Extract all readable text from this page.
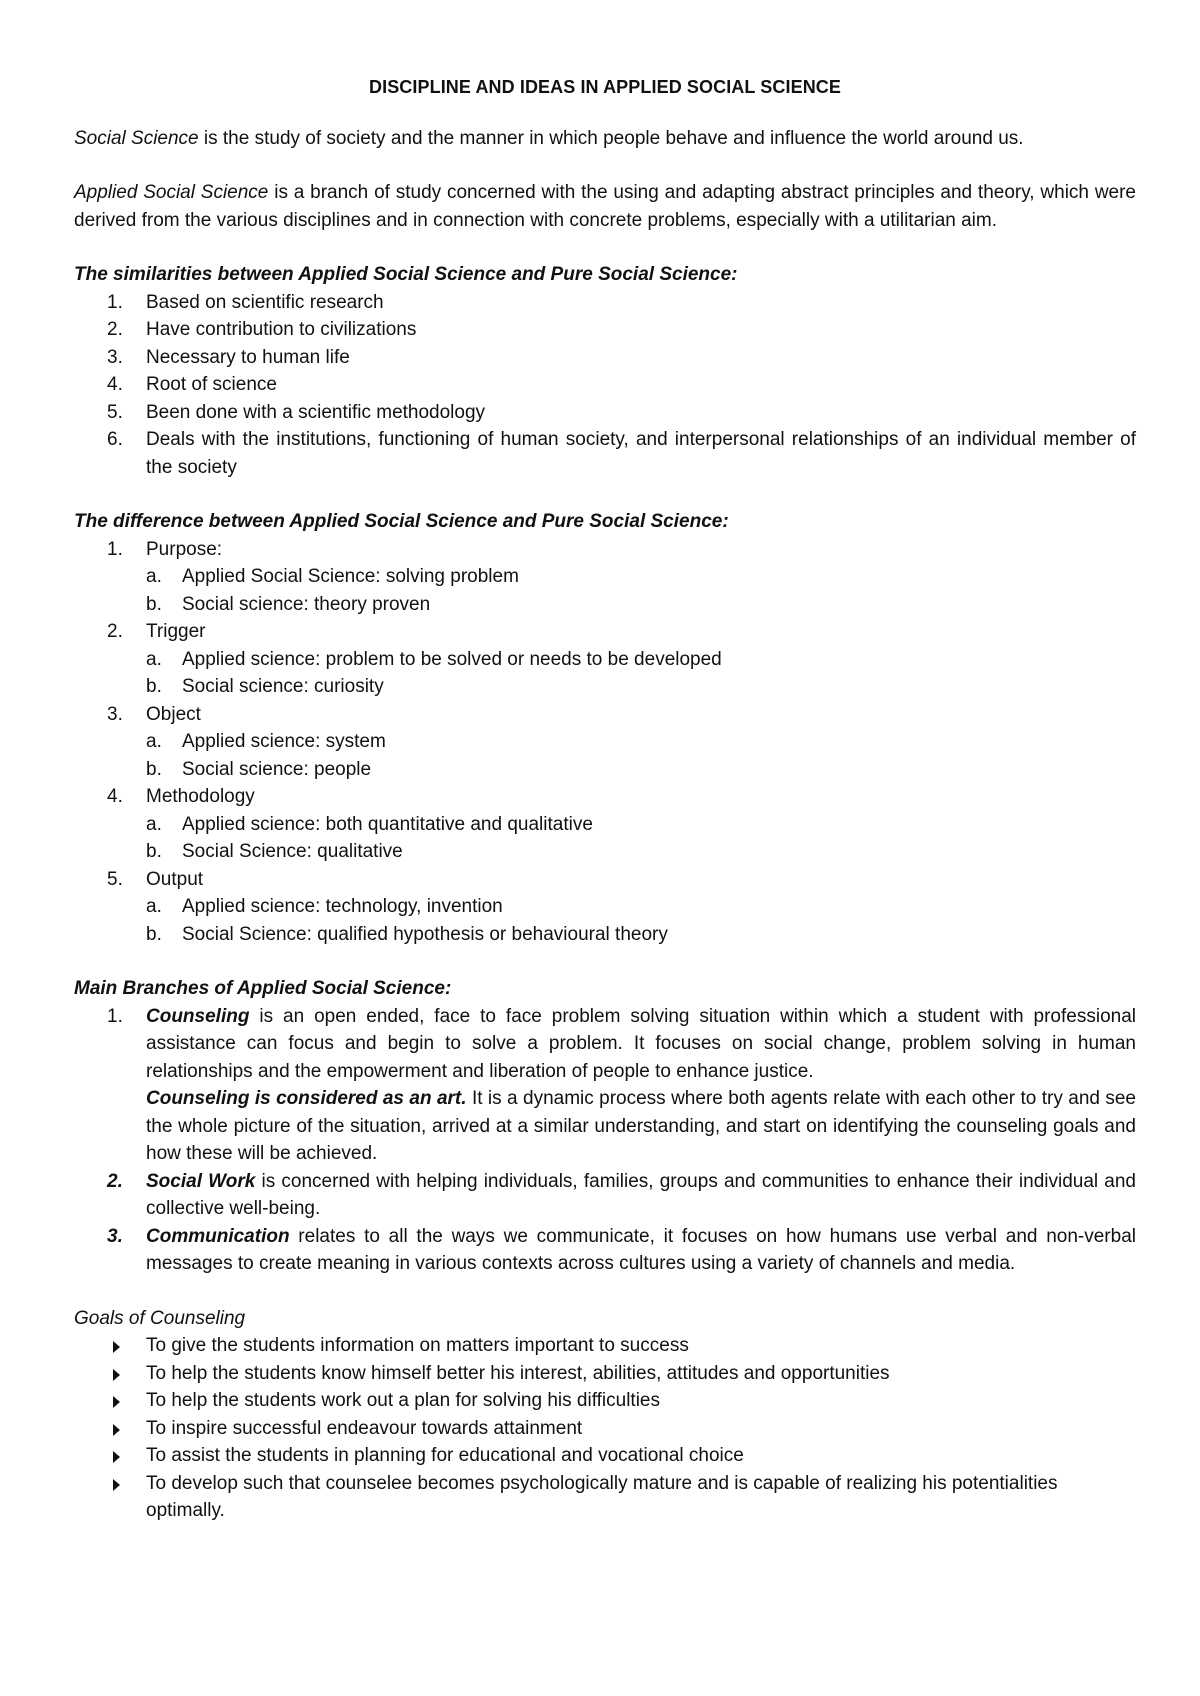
DISCIPLINE AND IDEAS IN APPLIED SOCIAL SCIENCE

Social Science is the study of society and the manner in which people behave and influence the world around us.

Applied Social Science is a branch of study concerned with the using and adapting abstract principles and theory, which were derived from the various disciplines and in connection with concrete problems, especially with a utilitarian aim.

The similarities between Applied Social Science and Pure Social Science:
1. Based on scientific research
2. Have contribution to civilizations
3. Necessary to human life
4. Root of science
5. Been done with a scientific methodology
6. Deals with the institutions, functioning of human society, and interpersonal relationships of an individual member of the society
The difference between Applied Social Science and Pure Social Science:
1. Purpose:
a. Applied Social Science: solving problem
b. Social science: theory proven
2. Trigger
a. Applied science: problem to be solved or needs to be developed
b. Social science: curiosity
3. Object
a. Applied science: system
b. Social science: people
4. Methodology
a. Applied science: both quantitative and qualitative
b. Social Science: qualitative
5. Output
a. Applied science: technology, invention
b. Social Science: qualified hypothesis or behavioural theory
Main Branches of Applied Social Science:
1. Counseling is an open ended, face to face problem solving situation within which a student with professional assistance can focus and begin to solve a problem. It focuses on social change, problem solving in human relationships and the empowerment and liberation of people to enhance justice.
Counseling is considered as an art. It is a dynamic process where both agents relate with each other to try and see the whole picture of the situation, arrived at a similar understanding, and start on identifying the counseling goals and how these will be achieved.
2. Social Work is concerned with helping individuals, families, groups and communities to enhance their individual and collective well-being.
3. Communication relates to all the ways we communicate, it focuses on how humans use verbal and non-verbal messages to create meaning in various contexts across cultures using a variety of channels and media.
Goals of Counseling
To give the students information on matters important to success
To help the students know himself better his interest, abilities, attitudes and opportunities
To help the students work out a plan for solving his difficulties
To inspire successful endeavour towards attainment
To assist the students in planning for educational and vocational choice
To develop such that counselee becomes psychologically mature and is capable of realizing his potentialities optimally.
